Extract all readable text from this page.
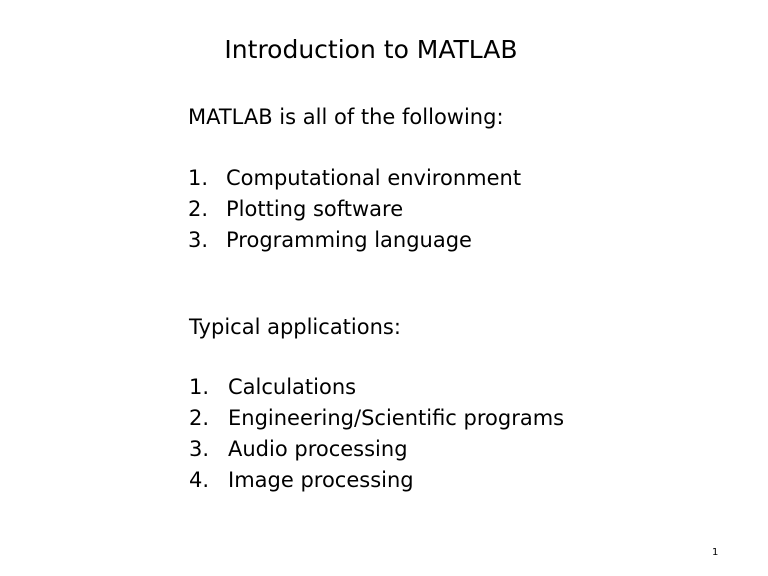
Introduction to MATLAB
MATLAB is all of the following:
1. Computational environment
2. Plotting software
3. Programming language
Typical applications:
1. Calculations
2. Engineering/Scientific programs
3. Audio processing
4. Image processing
1
